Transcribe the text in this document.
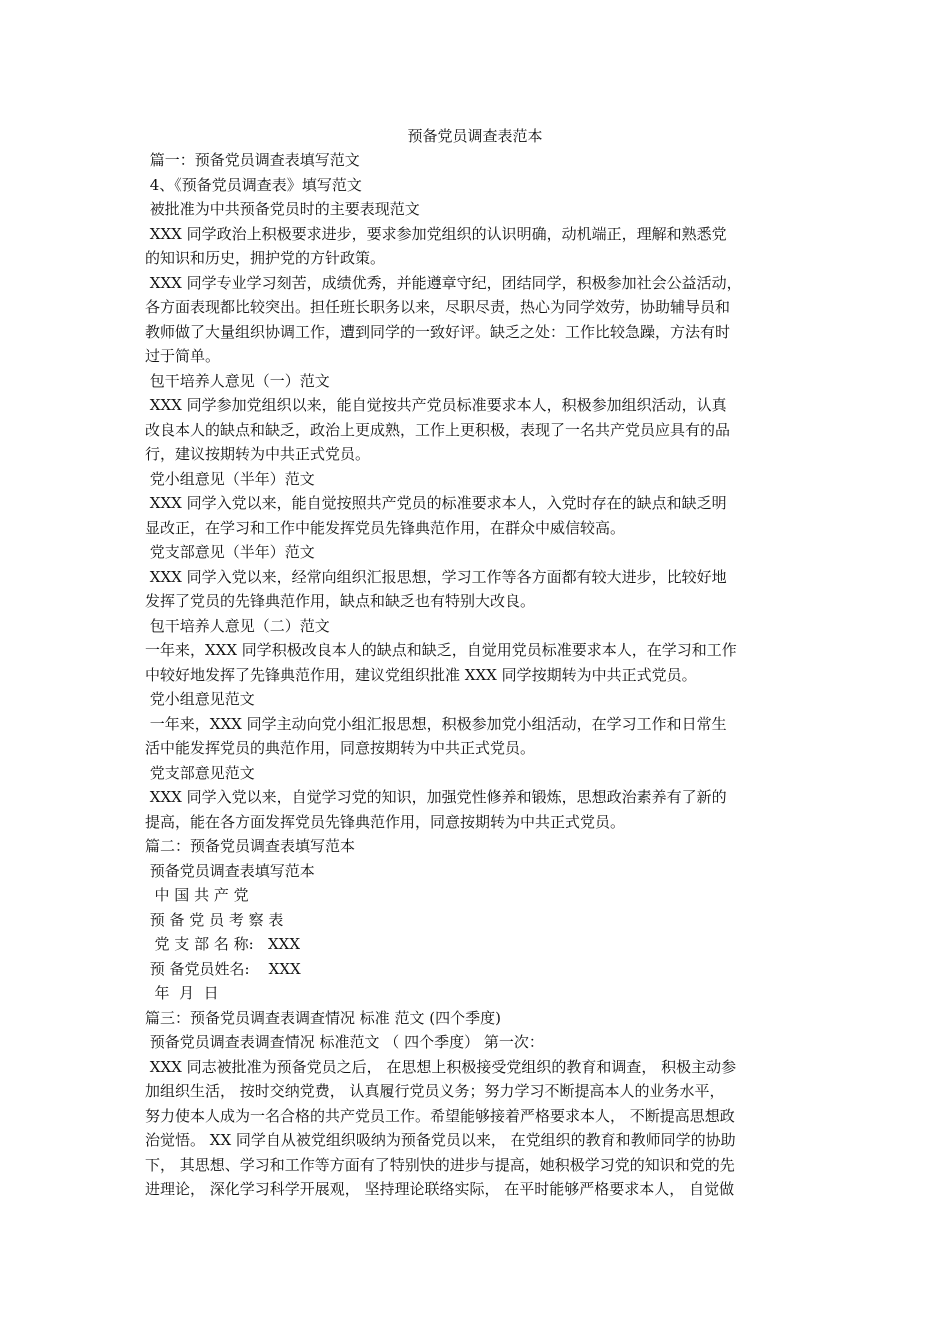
预备党员调查表范本
篇一：预备党员调查表填写范文
4、《预备党员调查表》填写范文
被批准为中共预备党员时的主要表现范文
XXX 同学政治上积极要求进步，要求参加党组织的认识明确，动机端正，理解和熟悉党
的知识和历史，拥护党的方针政策。
XXX 同学专业学习刻苦，成绩优秀，并能遵章守纪，团结同学，积极参加社会公益活动，
各方面表现都比较突出。担任班长职务以来，尽职尽责，热心为同学效劳，协助辅导员和
教师做了大量组织协调工作，遭到同学的一致好评。缺乏之处：工作比较急躁，方法有时
过于简单。
包干培养人意见（一）范文
XXX 同学参加党组织以来，能自觉按共产党员标准要求本人，积极参加组织活动，认真
改良本人的缺点和缺乏，政治上更成熟，工作上更积极，表现了一名共产党员应具有的品
行，建议按期转为中共正式党员。
党小组意见（半年）范文
XXX 同学入党以来，能自觉按照共产党员的标准要求本人，入党时存在的缺点和缺乏明
显改正，在学习和工作中能发挥党员先锋典范作用，在群众中威信较高。
党支部意见（半年）范文
XXX 同学入党以来，经常向组织汇报思想，学习工作等各方面都有较大进步，比较好地
发挥了党员的先锋典范作用，缺点和缺乏也有特别大改良。
包干培养人意见（二）范文
一年来，XXX 同学积极改良本人的缺点和缺乏，自觉用党员标准要求本人，在学习和工作
中较好地发挥了先锋典范作用，建议党组织批准 XXX 同学按期转为中共正式党员。
党小组意见范文
一年来，XXX 同学主动向党小组汇报思想，积极参加党小组活动，在学习工作和日常生
活中能发挥党员的典范作用，同意按期转为中共正式党员。
党支部意见范文
XXX 同学入党以来，自觉学习党的知识，加强党性修养和锻炼，思想政治素养有了新的
提高，能在各方面发挥党员先锋典范作用，同意按期转为中共正式党员。
篇二：预备党员调查表填写范本
预备党员调查表填写范本
中 国 共 产 党
预 备 党 员 考 察 表
党 支 部 名 称:   XXX
预 备党员姓名:    XXX
年  月  日
篇三：预备党员调查表调查情况 标准 范文 (四个季度)
预备党员调查表调查情况 标准范文 （ 四个季度） 第一次：
XXX 同志被批准为预备党员之后， 在思想上积极接受党组织的教育和调查， 积极主动参
加组织生活， 按时交纳党费， 认真履行党员义务；努力学习不断提高本人的业务水平，
努力使本人成为一名合格的共产党员工作。希望能够接着严格要求本人， 不断提高思想政
治觉悟。 XX 同学自从被党组织吸纳为预备党员以来， 在党组织的教育和教师同学的协助
下， 其思想、学习和工作等方面有了特别快的进步与提高，她积极学习党的知识和党的先
进理论， 深化学习科学开展观， 坚持理论联络实际， 在平时能够严格要求本人， 自觉做
